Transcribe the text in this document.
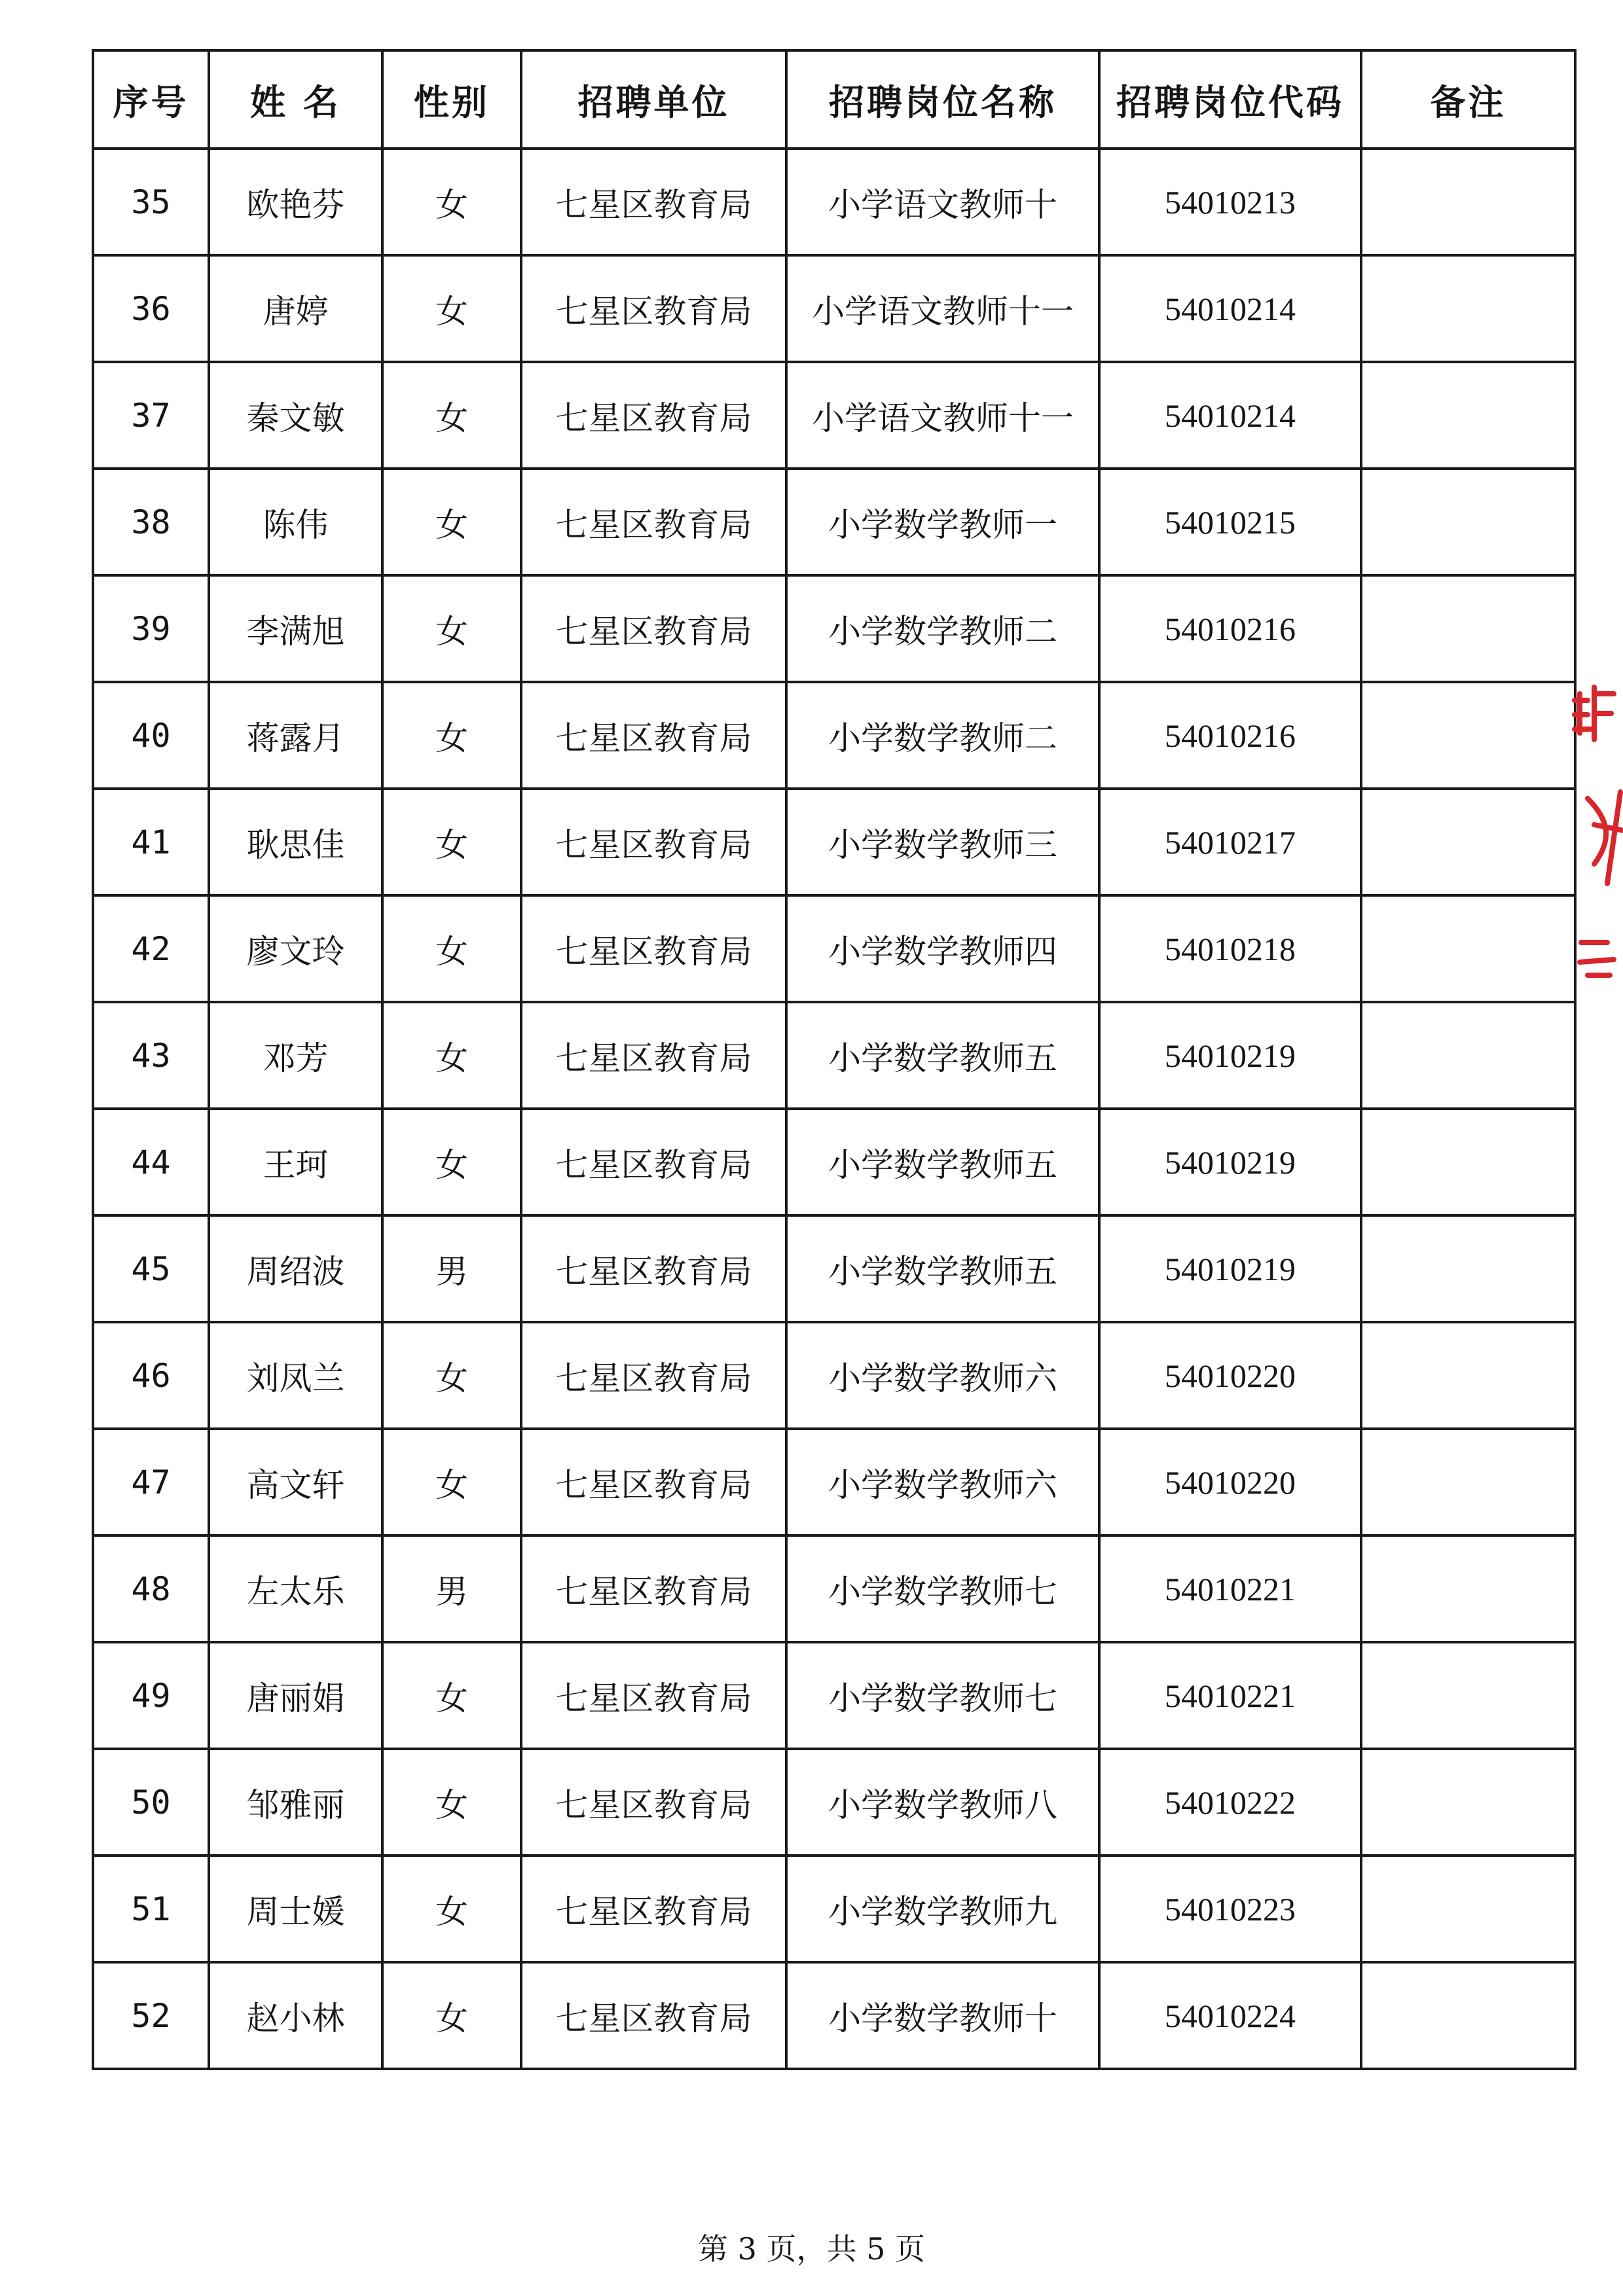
序号	姓 名	性别	招聘单位	招聘岗位名称	招聘岗位代码	备注
35	欧艳芬	女	七星区教育局	小学语文教师十	54010213	
36	唐婷	女	七星区教育局	小学语文教师十一	54010214	
37	秦文敏	女	七星区教育局	小学语文教师十一	54010214	
38	陈伟	女	七星区教育局	小学数学教师一	54010215	
39	李满旭	女	七星区教育局	小学数学教师二	54010216	
40	蒋露月	女	七星区教育局	小学数学教师二	54010216	
41	耿思佳	女	七星区教育局	小学数学教师三	54010217	
42	廖文玲	女	七星区教育局	小学数学教师四	54010218	
43	邓芳	女	七星区教育局	小学数学教师五	54010219	
44	王珂	女	七星区教育局	小学数学教师五	54010219	
45	周绍波	男	七星区教育局	小学数学教师五	54010219	
46	刘凤兰	女	七星区教育局	小学数学教师六	54010220	
47	高文轩	女	七星区教育局	小学数学教师六	54010220	
48	左太乐	男	七星区教育局	小学数学教师七	54010221	
49	唐丽娟	女	七星区教育局	小学数学教师七	54010221	
50	邹雅丽	女	七星区教育局	小学数学教师八	54010222	
51	周士媛	女	七星区教育局	小学数学教师九	54010223	
52	赵小林	女	七星区教育局	小学数学教师十	54010224	
第 3 页，共 5 页
